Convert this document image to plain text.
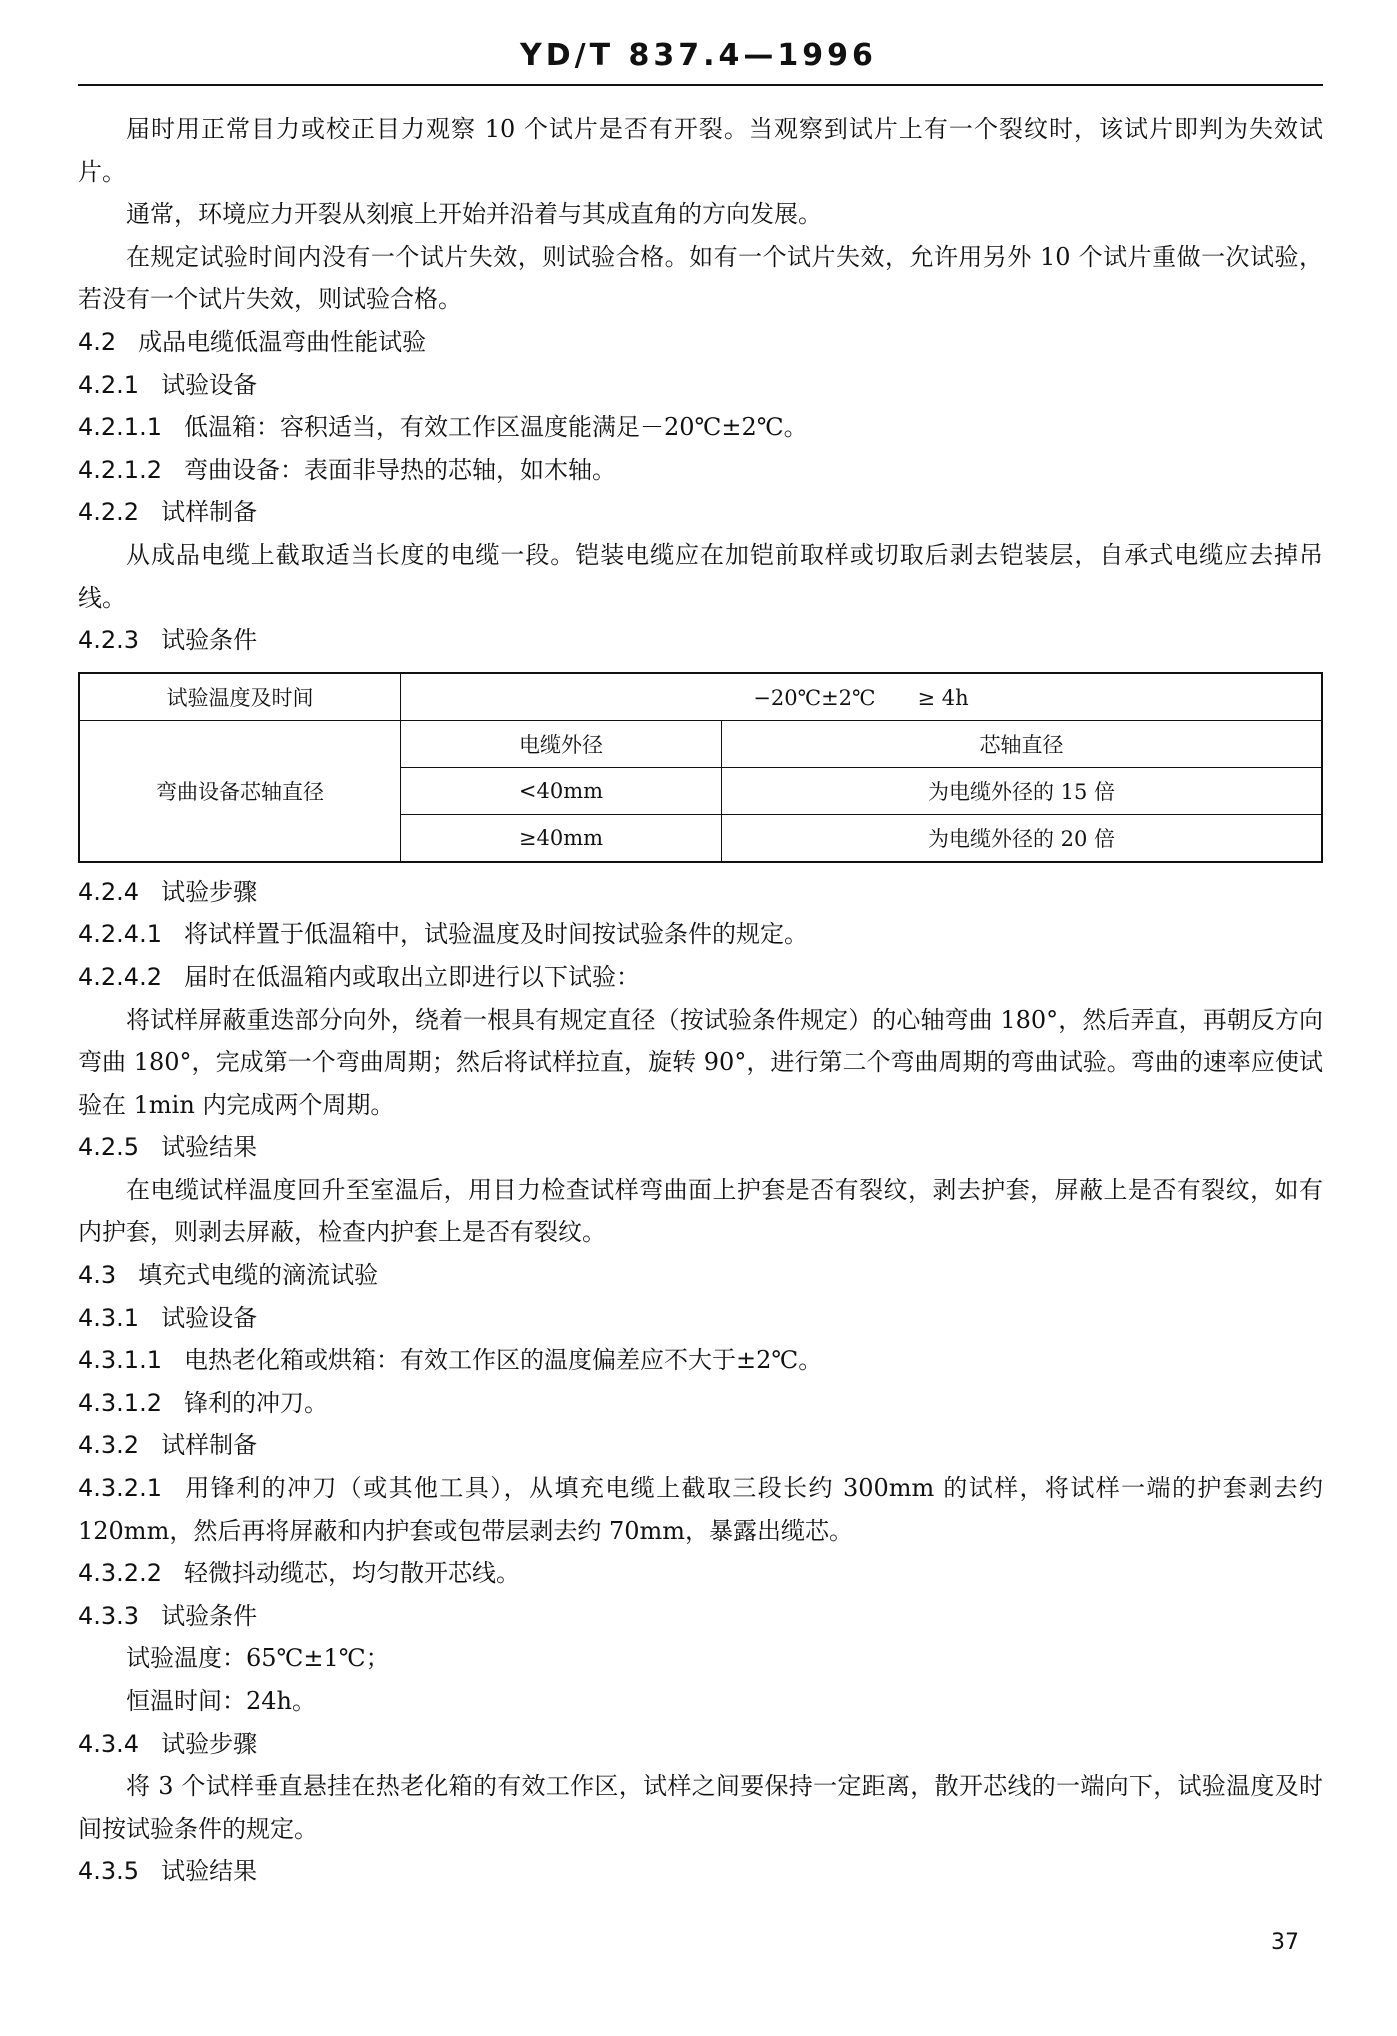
YD/T 837.4—1996

届时用正常目力或校正目力观察 10 个试片是否有开裂。当观察到试片上有一个裂纹时，该试片即判为失效试片。

通常，环境应力开裂从刻痕上开始并沿着与其成直角的方向发展。

在规定试验时间内没有一个试片失效，则试验合格。如有一个试片失效，允许用另外 10 个试片重做一次试验，若没有一个试片失效，则试验合格。

4.2 成品电缆低温弯曲性能试验

4.2.1 试验设备

4.2.1.1 低温箱：容积适当，有效工作区温度能满足－20℃±2℃。

4.2.1.2 弯曲设备：表面非导热的芯轴，如木轴。

4.2.2 试样制备

从成品电缆上截取适当长度的电缆一段。铠装电缆应在加铠前取样或切取后剥去铠装层，自承式电缆应去掉吊线。

4.2.3 试验条件

试验温度及时间	−20℃±2℃　　≥ 4h	
弯曲设备芯轴直径	电缆外径	芯轴直径
	<40mm	为电缆外径的 15 倍
	≥40mm	为电缆外径的 20 倍

4.2.4 试验步骤

4.2.4.1 将试样置于低温箱中，试验温度及时间按试验条件的规定。

4.2.4.2 届时在低温箱内或取出立即进行以下试验：

将试样屏蔽重迭部分向外，绕着一根具有规定直径（按试验条件规定）的心轴弯曲 180°，然后弄直，再朝反方向弯曲 180°，完成第一个弯曲周期；然后将试样拉直，旋转 90°，进行第二个弯曲周期的弯曲试验。弯曲的速率应使试验在 1min 内完成两个周期。

4.2.5 试验结果

在电缆试样温度回升至室温后，用目力检查试样弯曲面上护套是否有裂纹，剥去护套，屏蔽上是否有裂纹，如有内护套，则剥去屏蔽，检查内护套上是否有裂纹。

4.3 填充式电缆的滴流试验

4.3.1 试验设备

4.3.1.1 电热老化箱或烘箱：有效工作区的温度偏差应不大于±2℃。

4.3.1.2 锋利的冲刀。

4.3.2 试样制备

4.3.2.1 用锋利的冲刀（或其他工具），从填充电缆上截取三段长约 300mm 的试样，将试样一端的护套剥去约 120mm，然后再将屏蔽和内护套或包带层剥去约 70mm，暴露出缆芯。

4.3.2.2 轻微抖动缆芯，均匀散开芯线。

4.3.3 试验条件

试验温度：65℃±1℃；

恒温时间：24h。

4.3.4 试验步骤

将 3 个试样垂直悬挂在热老化箱的有效工作区，试样之间要保持一定距离，散开芯线的一端向下，试验温度及时间按试验条件的规定。

4.3.5 试验结果

37
